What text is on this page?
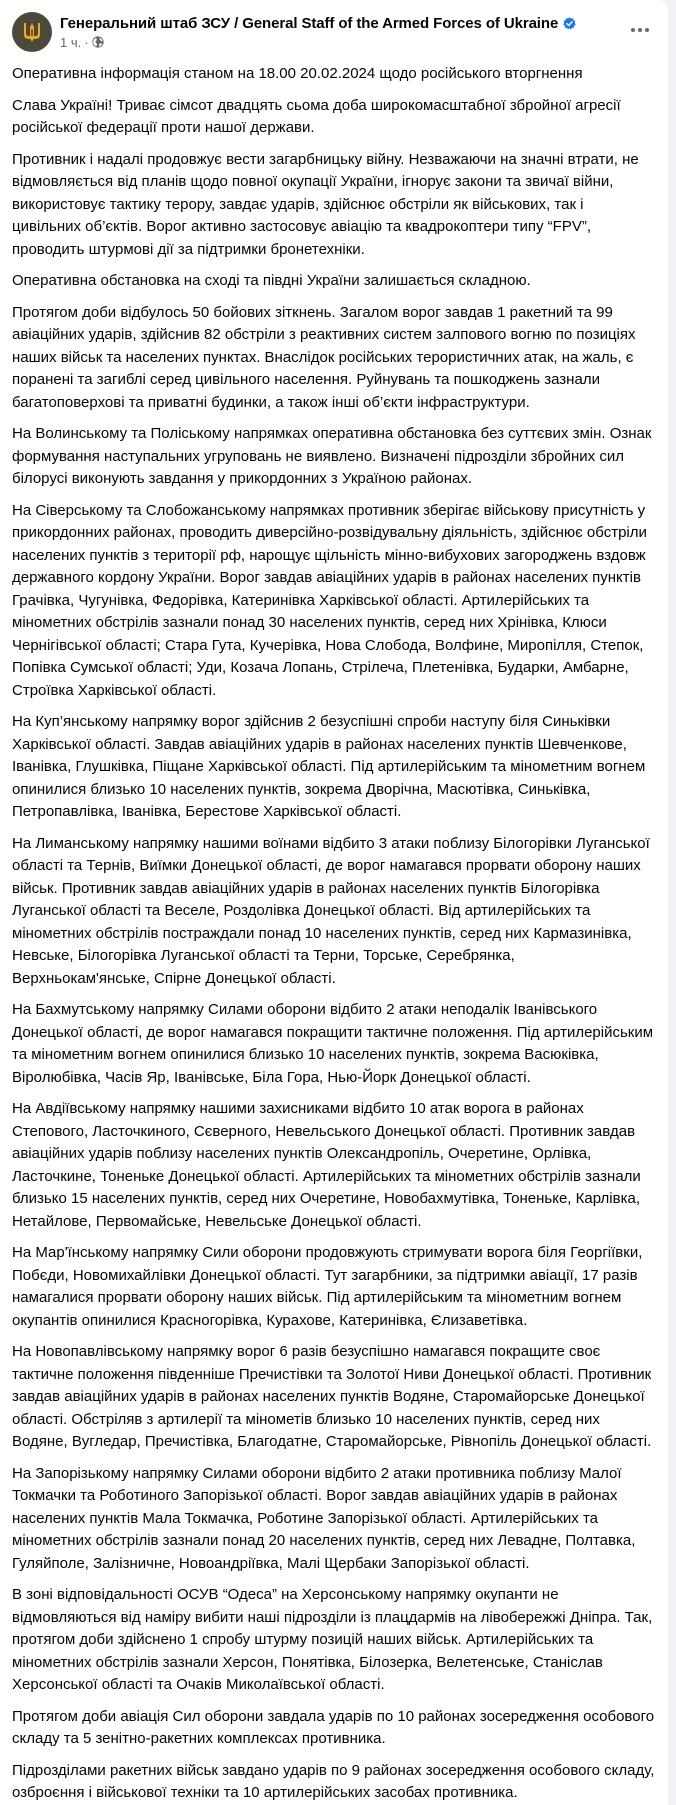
Генеральний штаб ЗСУ / General Staff of the Armed Forces of Ukraine
1 ч. ·

Оперативна інформація станом на 18.00 20.02.2024 щодо російського вторгнення

Слава Україні! Триває сімсот двадцять сьома доба широкомасштабної збройної агресії російської федерації проти нашої держави.

Противник і надалі продовжує вести загарбницьку війну. Незважаючи на значні втрати, не відмовляється від планів щодо повної окупації України, ігнорує закони та звичаї війни, використовує тактику терору, завдає ударів, здійснює обстріли як військових, так і цивільних об’єктів. Ворог активно застосовує авіацію та квадрокоптери типу “FPV”, проводить штурмові дії за підтримки бронетехніки.

Оперативна обстановка на сході та півдні України залишається складною.

Протягом доби відбулось 50 бойових зіткнень. Загалом ворог завдав 1 ракетний та 99 авіаційних ударів, здійснив 82 обстріли з реактивних систем залпового вогню по позиціях наших військ та населених пунктах. Внаслідок російських терористичних атак, на жаль, є поранені та загиблі серед цивільного населення. Руйнувань та пошкоджень зазнали багатоповерхові та приватні будинки, а також інші об’єкти інфраструктури.

На Волинському та Поліському напрямках оперативна обстановка без суттєвих змін. Ознак формування наступальних угруповань не виявлено. Визначені підрозділи збройних сил білорусі виконують завдання у прикордонних з Україною районах.

На Сіверському та Слобожанському напрямках противник зберігає військову присутність у прикордонних районах, проводить диверсійно-розвідувальну діяльність, здійснює обстріли населених пунктів з території рф, нарощує щільність мінно-вибухових загороджень вздовж державного кордону України. Ворог завдав авіаційних ударів в районах населених пунктів Грачівка, Чугунівка, Федорівка, Катеринівка Харківської області. Артилерійських та мінометних обстрілів зазнали понад 30 населених пунктів, серед них Хрінівка, Клюси Чернігівської області; Стара Гута, Кучерівка, Нова Слобода, Волфине, Миропілля, Степок, Попівка Сумської області; Уди, Козача Лопань, Стрілеча, Плетенівка, Бударки, Амбарне, Строївка Харківської області.

На Куп’янському напрямку ворог здійснив 2 безуспішні спроби наступу біля Синьківки Харківської області. Завдав авіаційних ударів в районах населених пунктів Шевченкове, Іванівка, Глушківка, Піщане Харківської області. Під артилерійським та мінометним вогнем опинилися близько 10 населених пунктів, зокрема Дворічна, Масютівка, Синьківка, Петропавлівка, Іванівка, Берестове Харківської області.

На Лиманському напрямку нашими воїнами відбито 3 атаки поблизу Білогорівки Луганської області та Тернів, Виїмки Донецької області, де ворог намагався прорвати оборону наших військ. Противник завдав авіаційних ударів в районах населених пунктів Білогорівка Луганської області та Веселе, Роздолівка Донецької області. Від артилерійських та мінометних обстрілів постраждали понад 10 населених пунктів, серед них Кармазинівка, Невське, Білогорівка Луганської області та Терни, Торське, Серебрянка, Верхньокам'янське, Спірне Донецької області.

На Бахмутському напрямку Силами оборони відбито 2 атаки неподалік Іванівського Донецької області, де ворог намагався покращити тактичне положення. Під артилерійським та мінометним вогнем опинилися близько 10 населених пунктів, зокрема Васюківка, Віролюбівка, Часів Яр, Іванівське, Біла Гора, Нью-Йорк Донецької області.

На Авдіївському напрямку нашими захисниками відбито 10 атак ворога в районах Степового, Ласточкиного, Сєверного, Невельського Донецької області. Противник завдав авіаційних ударів поблизу населених пунктів Олександропіль, Очеретине, Орлівка, Ласточкине, Тоненьке Донецької області. Артилерійських та мінометних обстрілів зазнали близько 15 населених пунктів, серед них Очеретине, Новобахмутівка, Тоненьке, Карлівка, Нетайлове, Первомайське, Невельське Донецької області.

На Мар'їнському напрямку Сили оборони продовжують стримувати ворога біля Георгіївки, Побєди, Новомихайлівки Донецької області. Тут загарбники, за підтримки авіації, 17 разів намагалися прорвати оборону наших військ. Під артилерійським та мінометним вогнем окупантів опинилися Красногорівка, Курахове, Катеринівка, Єлизаветівка.

На Новопавлівському напрямку ворог 6 разів безуспішно намагався покращите своє тактичне положення південніше Пречистівки та Золотої Ниви Донецької області. Противник завдав авіаційних ударів в районах населених пунктів Водяне, Старомайорське Донецької області. Обстріляв з артилерії та мінометів близько 10 населених пунктів, серед них Водяне, Вугледар, Пречистівка, Благодатне, Старомайорське, Рівнопіль Донецької області.

На Запорізькому напрямку Силами оборони відбито 2 атаки противника поблизу Малої Токмачки та Роботиного Запорізької області. Ворог завдав авіаційних ударів в районах населених пунктів Мала Токмачка, Роботине Запорізької області. Артилерійських та мінометних обстрілів зазнали понад 20 населених пунктів, серед них Левадне, Полтавка, Гуляйполе, Залізничне, Новоандріївка, Малі Щербаки Запорізької області.

В зоні відповідальності ОСУВ “Одеса” на Херсонському напрямку окупанти не відмовляються від наміру вибити наші підрозділи із плацдармів на лівобережжі Дніпра. Так, протягом доби здійснено 1 спробу штурму позицій наших військ. Артилерійських та мінометних обстрілів зазнали Херсон, Понятівка, Білозерка, Велетенське, Станіслав Херсонської області та Очаків Миколаївської області.

Протягом доби авіація Сил оборони завдала ударів по 10 районах зосередження особового складу та 5 зенітно-ракетних комплексах противника.

Підрозділами ракетних військ завдано ударів по 9 районах зосередження особового складу, озброєння і військової техніки та 10 артилерійських засобах противника.
